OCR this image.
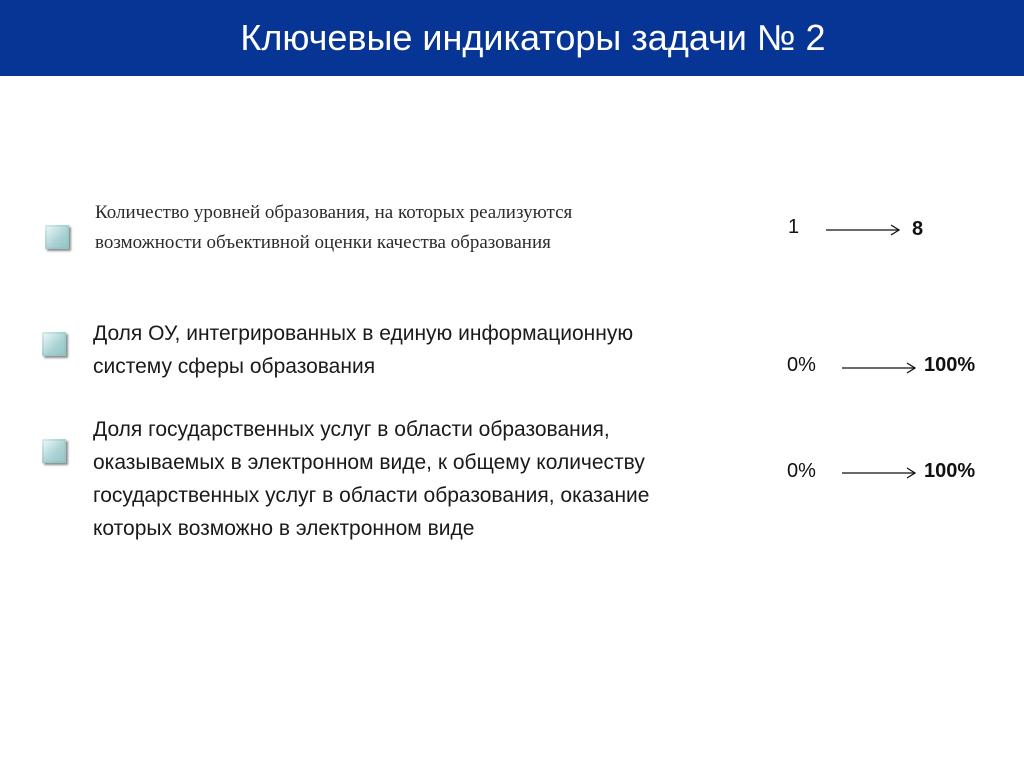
Ключевые индикаторы задачи № 2
Количество уровней образования, на которых реализуются
возможности объективной оценки качества образования
1	8
Доля ОУ, интегрированных в единую информационную
систему сферы образования	0%	100%
Доля государственных услуг в области образования,
оказываемых в электронном виде, к общему количеству
государственных услуг в области образования, оказание
которых возможно в электронном виде
0%	100%
